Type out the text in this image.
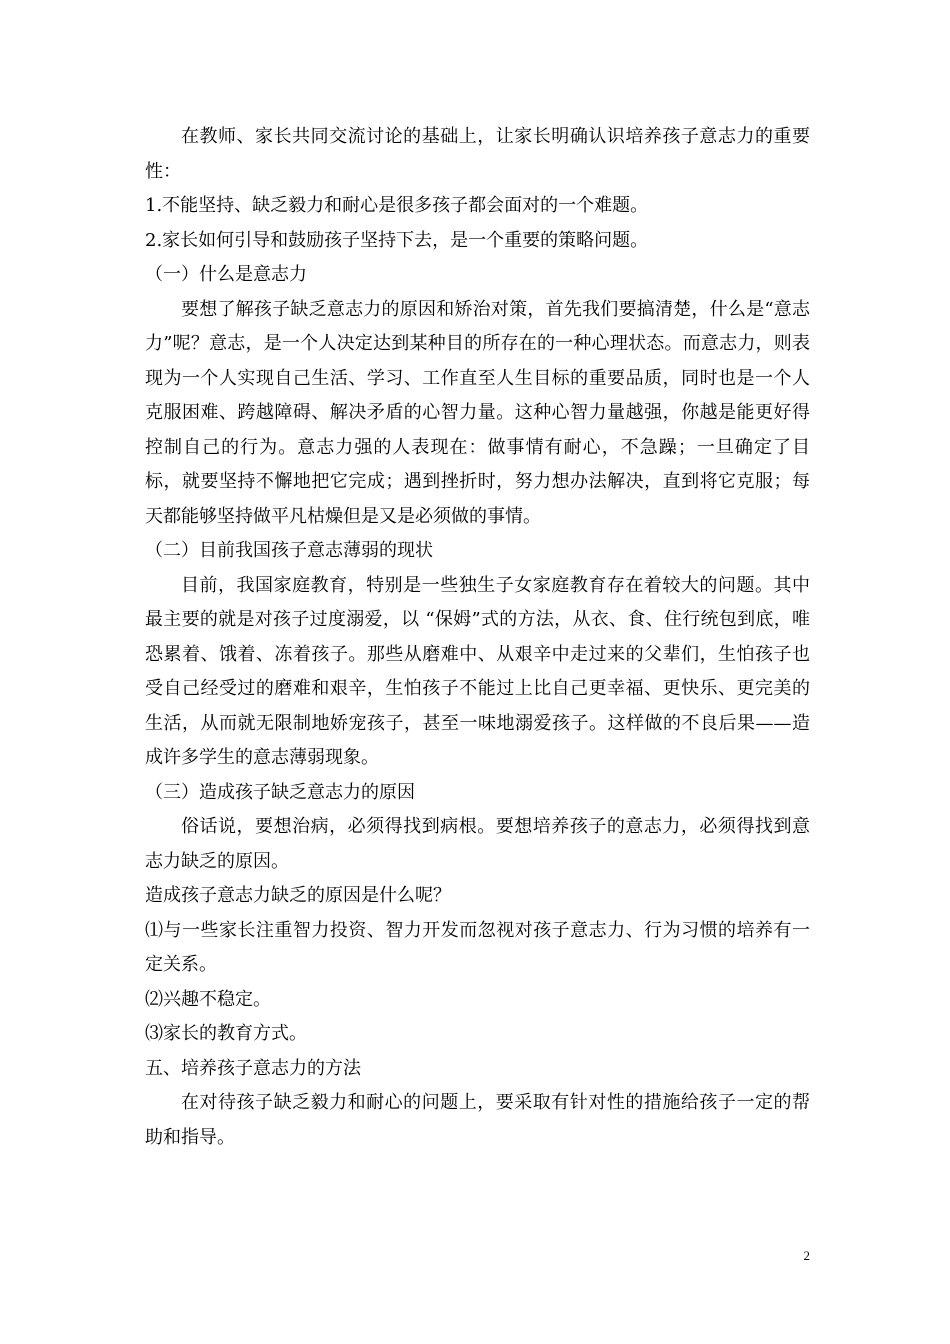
在教师、家长共同交流讨论的基础上，让家长明确认识培养孩子意志力的重要性：

1.不能坚持、缺乏毅力和耐心是很多孩子都会面对的一个难题。

2.家长如何引导和鼓励孩子坚持下去，是一个重要的策略问题。

（一）什么是意志力

要想了解孩子缺乏意志力的原因和矫治对策，首先我们要搞清楚，什么是“意志力”呢？意志，是一个人决定达到某种目的所存在的一种心理状态。而意志力，则表现为一个人实现自己生活、学习、工作直至人生目标的重要品质，同时也是一个人克服困难、跨越障碍、解决矛盾的心智力量。这种心智力量越强，你越是能更好得控制自己的行为。意志力强的人表现在：做事情有耐心，不急躁；一旦确定了目标，就要坚持不懈地把它完成；遇到挫折时，努力想办法解决，直到将它克服；每天都能够坚持做平凡枯燥但是又是必须做的事情。

（二）目前我国孩子意志薄弱的现状

目前，我国家庭教育，特别是一些独生子女家庭教育存在着较大的问题。其中最主要的就是对孩子过度溺爱，以 “保姆”式的方法，从衣、食、住行统包到底，唯恐累着、饿着、冻着孩子。那些从磨难中、从艰辛中走过来的父辈们，生怕孩子也受自己经受过的磨难和艰辛，生怕孩子不能过上比自己更幸福、更快乐、更完美的生活，从而就无限制地娇宠孩子，甚至一味地溺爱孩子。这样做的不良后果——造成许多学生的意志薄弱现象。

（三）造成孩子缺乏意志力的原因

俗话说，要想治病，必须得找到病根。要想培养孩子的意志力，必须得找到意志力缺乏的原因。

造成孩子意志力缺乏的原因是什么呢？

⑴与一些家长注重智力投资、智力开发而忽视对孩子意志力、行为习惯的培养有一定关系。

⑵兴趣不稳定。

⑶家长的教育方式。

五、培养孩子意志力的方法

在对待孩子缺乏毅力和耐心的问题上，要采取有针对性的措施给孩子一定的帮助和指导。

2
